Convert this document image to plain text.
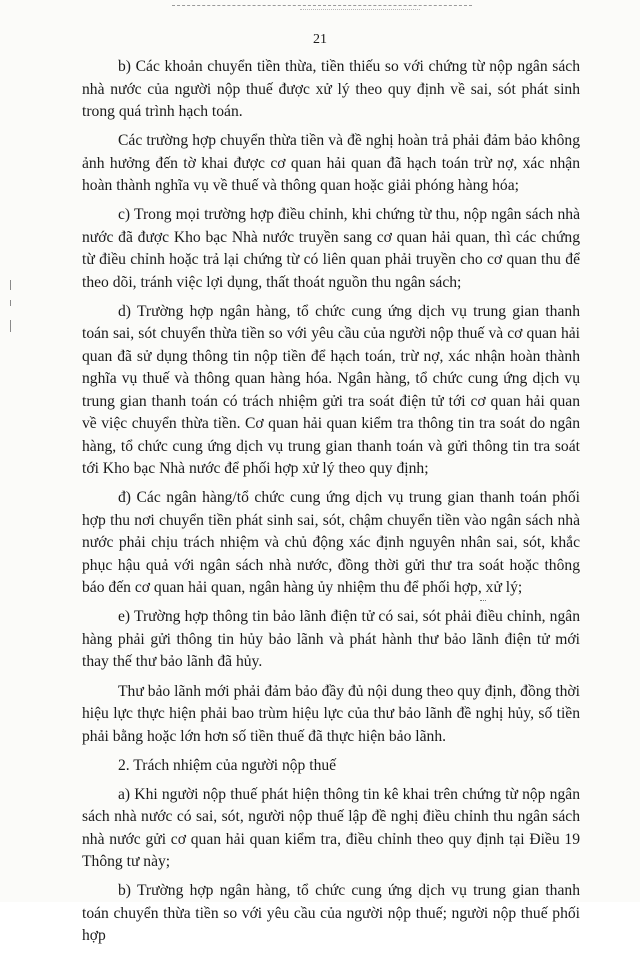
21

b) Các khoản chuyển tiền thừa, tiền thiếu so với chứng từ nộp ngân sách nhà nước của người nộp thuế được xử lý theo quy định về sai, sót phát sinh trong quá trình hạch toán.

Các trường hợp chuyển thừa tiền và đề nghị hoàn trả phải đảm bảo không ảnh hưởng đến tờ khai được cơ quan hải quan đã hạch toán trừ nợ, xác nhận hoàn thành nghĩa vụ về thuế và thông quan hoặc giải phóng hàng hóa;

c) Trong mọi trường hợp điều chỉnh, khi chứng từ thu, nộp ngân sách nhà nước đã được Kho bạc Nhà nước truyền sang cơ quan hải quan, thì các chứng từ điều chỉnh hoặc trả lại chứng từ có liên quan phải truyền cho cơ quan thu để theo dõi, tránh việc lợi dụng, thất thoát nguồn thu ngân sách;

d) Trường hợp ngân hàng, tổ chức cung ứng dịch vụ trung gian thanh toán sai, sót chuyển thừa tiền so với yêu cầu của người nộp thuế và cơ quan hải quan đã sử dụng thông tin nộp tiền để hạch toán, trừ nợ, xác nhận hoàn thành nghĩa vụ thuế và thông quan hàng hóa. Ngân hàng, tổ chức cung ứng dịch vụ trung gian thanh toán có trách nhiệm gửi tra soát điện tử tới cơ quan hải quan về việc chuyển thừa tiền. Cơ quan hải quan kiểm tra thông tin tra soát do ngân hàng, tổ chức cung ứng dịch vụ trung gian thanh toán và gửi thông tin tra soát tới Kho bạc Nhà nước để phối hợp xử lý theo quy định;

đ) Các ngân hàng/tổ chức cung ứng dịch vụ trung gian thanh toán phối hợp thu nơi chuyển tiền phát sinh sai, sót, chậm chuyển tiền vào ngân sách nhà nước phải chịu trách nhiệm và chủ động xác định nguyên nhân sai, sót, khắc phục hậu quả với ngân sách nhà nước, đồng thời gửi thư tra soát hoặc thông báo đến cơ quan hải quan, ngân hàng ủy nhiệm thu để phối hợp, xử lý;

e) Trường hợp thông tin bảo lãnh điện tử có sai, sót phải điều chỉnh, ngân hàng phải gửi thông tin hủy bảo lãnh và phát hành thư bảo lãnh điện tử mới thay thế thư bảo lãnh đã hủy.

Thư bảo lãnh mới phải đảm bảo đầy đủ nội dung theo quy định, đồng thời hiệu lực thực hiện phải bao trùm hiệu lực của thư bảo lãnh đề nghị hủy, số tiền phải bằng hoặc lớn hơn số tiền thuế đã thực hiện bảo lãnh.

2. Trách nhiệm của người nộp thuế

a) Khi người nộp thuế phát hiện thông tin kê khai trên chứng từ nộp ngân sách nhà nước có sai, sót, người nộp thuế lập đề nghị điều chỉnh thu ngân sách nhà nước gửi cơ quan hải quan kiểm tra, điều chỉnh theo quy định tại Điều 19 Thông tư này;

b) Trường hợp ngân hàng, tổ chức cung ứng dịch vụ trung gian thanh toán chuyển thừa tiền so với yêu cầu của người nộp thuế; người nộp thuế phối hợp
